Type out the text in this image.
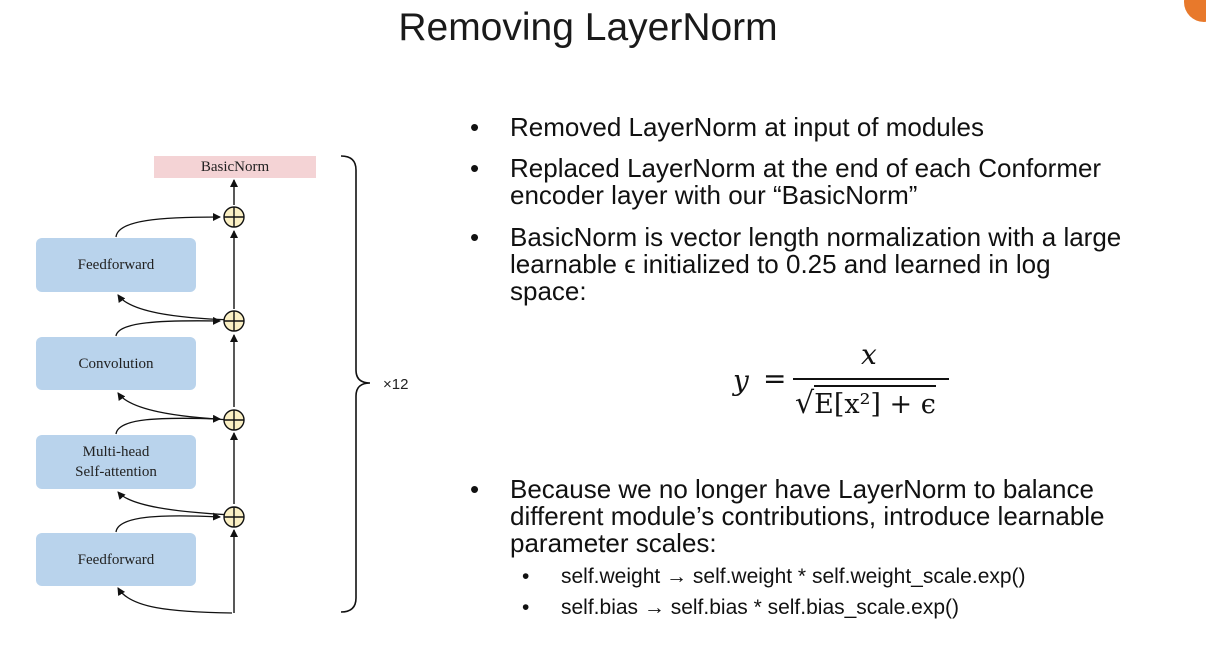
Removing LayerNorm
BasicNorm
Feedforward
Convolution
Multi-head
Self-attention
Feedforward
×12
• Removed LayerNorm at input of modules
• Replaced LayerNorm at the end of each Conformer
encoder layer with our “BasicNorm”
• BasicNorm is vector length normalization with a large
learnable ϵ initialized to 0.25 and learned in log
space:
y =
x
√E[x²] + ϵ
• Because we no longer have LayerNorm to balance
different module’s contributions, introduce learnable
parameter scales:
• self.weight → self.weight * self.weight_scale.exp()
• self.bias → self.bias * self.bias_scale.exp()
